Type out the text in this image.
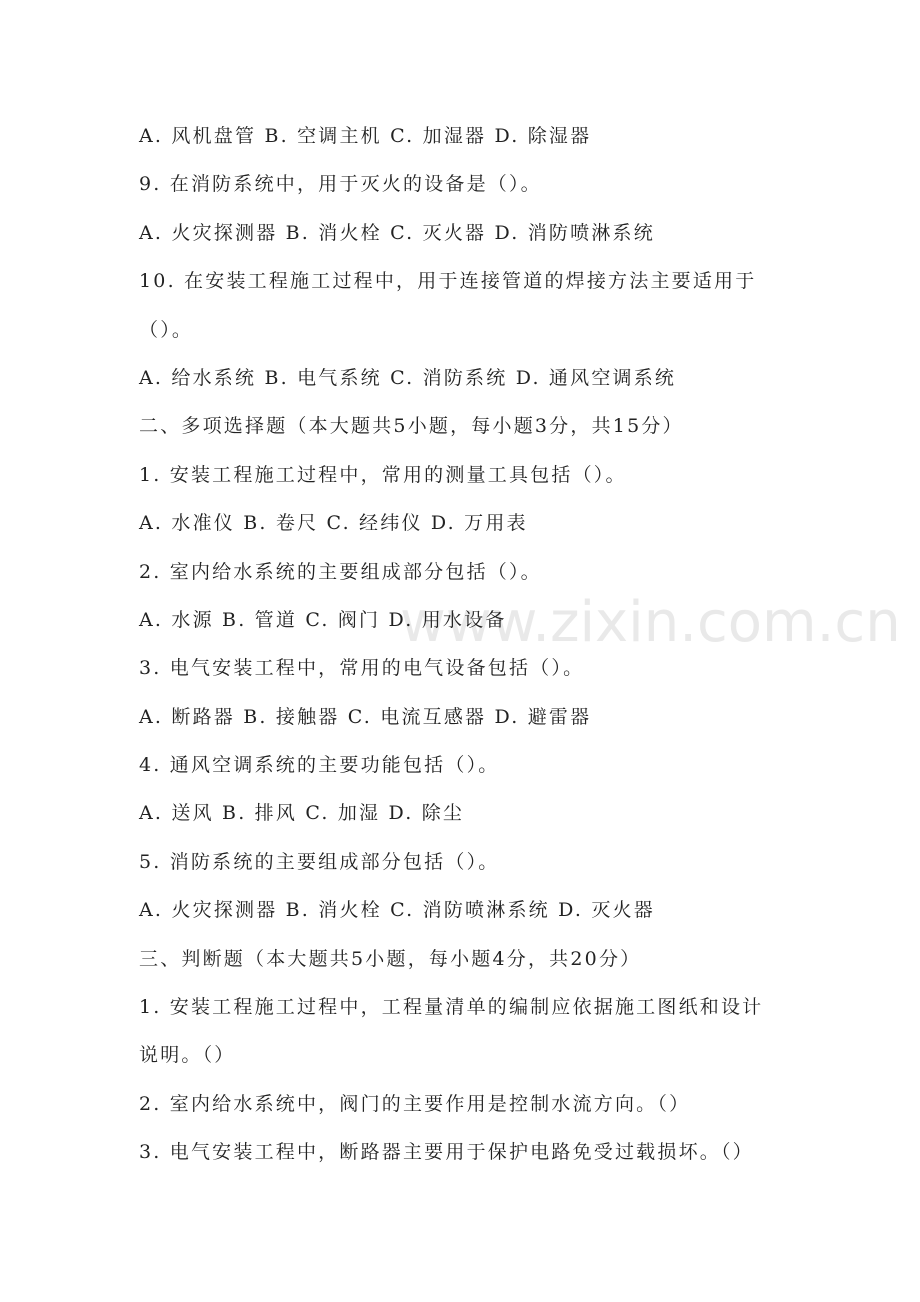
www.zixin.com.cn
A. 风机盘管 B. 空调主机 C. 加湿器 D. 除湿器
9. 在消防系统中，用于灭火的设备是（）。
A. 火灾探测器 B. 消火栓 C. 灭火器 D. 消防喷淋系统
10. 在安装工程施工过程中，用于连接管道的焊接方法主要适用于
（）。
A. 给水系统 B. 电气系统 C. 消防系统 D. 通风空调系统
二、多项选择题（本大题共5小题，每小题3分，共15分）
1. 安装工程施工过程中，常用的测量工具包括（）。
A. 水准仪 B. 卷尺 C. 经纬仪 D. 万用表
2. 室内给水系统的主要组成部分包括（）。
A. 水源 B. 管道 C. 阀门 D. 用水设备
3. 电气安装工程中，常用的电气设备包括（）。
A. 断路器 B. 接触器 C. 电流互感器 D. 避雷器
4. 通风空调系统的主要功能包括（）。
A. 送风 B. 排风 C. 加湿 D. 除尘
5. 消防系统的主要组成部分包括（）。
A. 火灾探测器 B. 消火栓 C. 消防喷淋系统 D. 灭火器
三、判断题（本大题共5小题，每小题4分，共20分）
1. 安装工程施工过程中，工程量清单的编制应依据施工图纸和设计
说明。（）
2. 室内给水系统中，阀门的主要作用是控制水流方向。（）
3. 电气安装工程中，断路器主要用于保护电路免受过载损坏。（）
